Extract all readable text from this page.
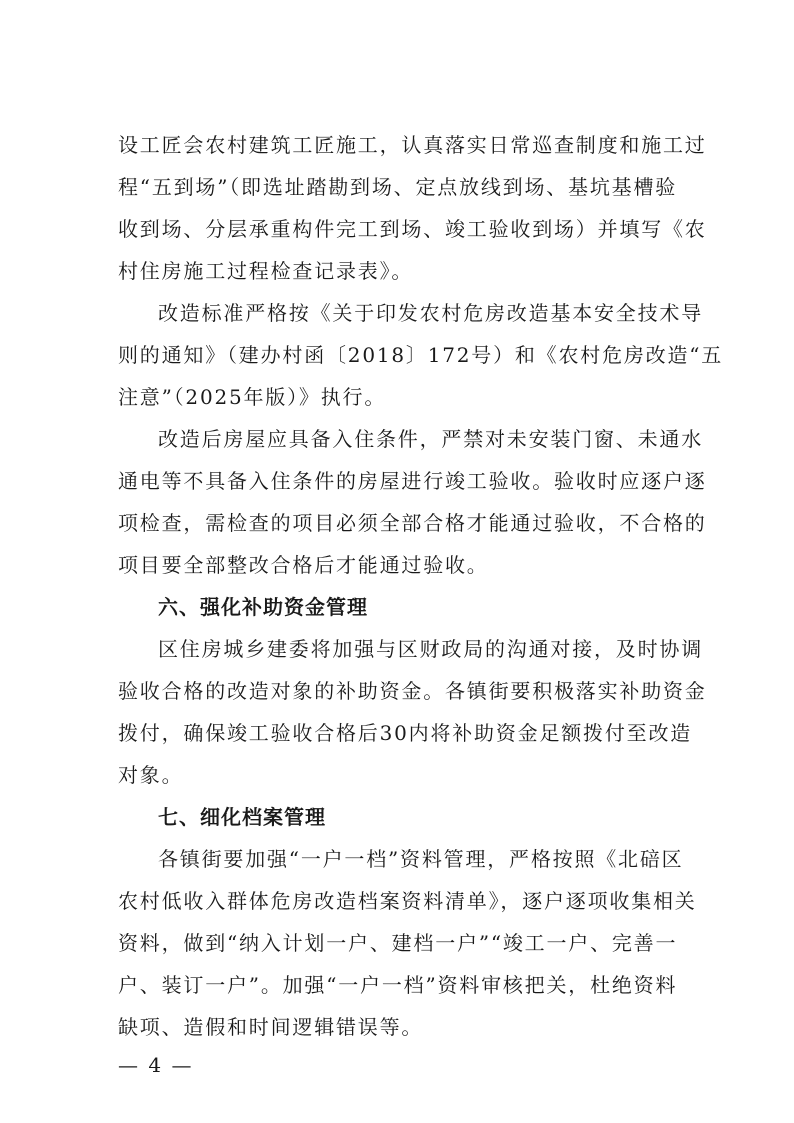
设工匠会农村建筑工匠施工，认真落实日常巡查制度和施工过

程“五到场”（即选址踏勘到场、定点放线到场、基坑基槽验

收到场、分层承重构件完工到场、竣工验收到场）并填写《农

村住房施工过程检查记录表》。

改造标准严格按《关于印发农村危房改造基本安全技术导

则的通知》（建办村函〔2018〕172号）和《农村危房改造“五

注意”（2025年版）》执行。

改造后房屋应具备入住条件，严禁对未安装门窗、未通水

通电等不具备入住条件的房屋进行竣工验收。验收时应逐户逐

项检查，需检查的项目必须全部合格才能通过验收，不合格的

项目要全部整改合格后才能通过验收。

六、强化补助资金管理

区住房城乡建委将加强与区财政局的沟通对接，及时协调

验收合格的改造对象的补助资金。各镇街要积极落实补助资金

拨付，确保竣工验收合格后30内将补助资金足额拨付至改造

对象。

七、细化档案管理

各镇街要加强“一户一档”资料管理，严格按照《北碚区

农村低收入群体危房改造档案资料清单》，逐户逐项收集相关

资料，做到“纳入计划一户、建档一户”“竣工一户、完善一

户、装订一户”。加强“一户一档”资料审核把关，杜绝资料

缺项、造假和时间逻辑错误等。

— 4 —
